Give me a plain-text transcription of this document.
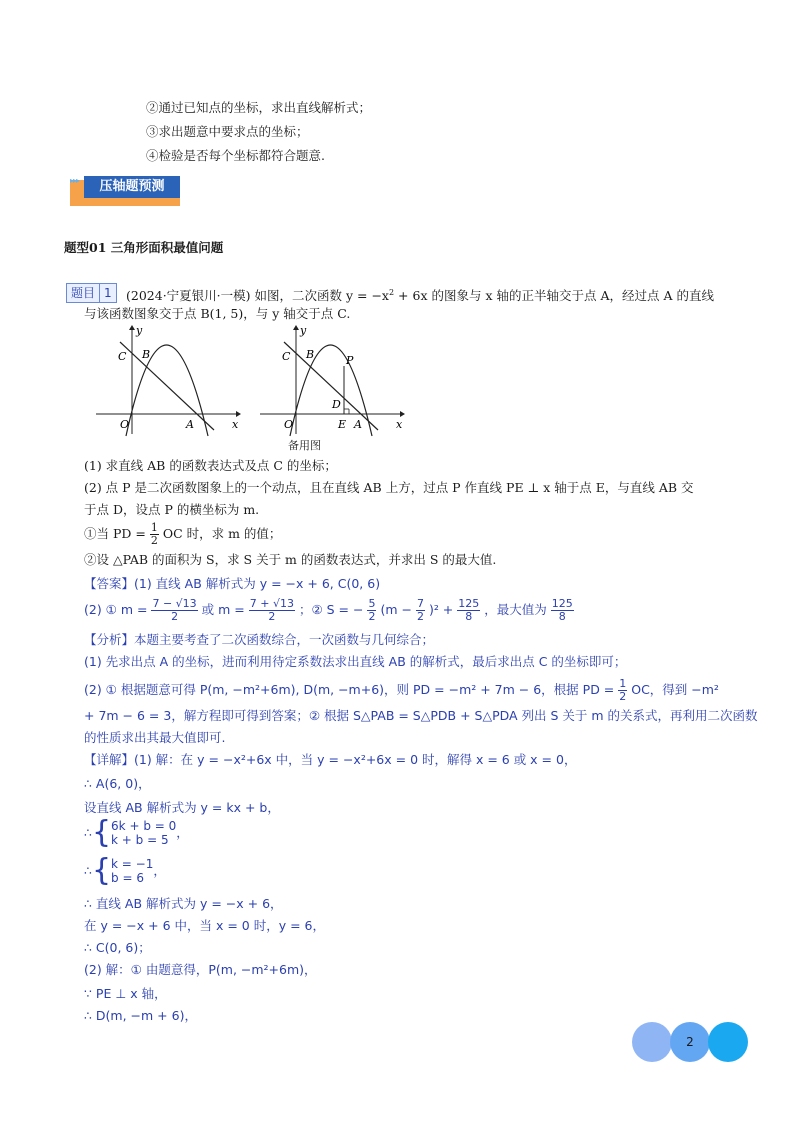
②通过已知点的坐标，求出直线解析式；
③求出题意中要求点的坐标；
④检验是否每个坐标都符合题意.
▸▸▸	压轴题预测
题型01 三角形面积最值问题
题目 1	(2024·宁夏银川·一模) 如图，二次函数 $y = -x^2 + 6x$ 的图象与 x 轴的正半轴交于点 A，经过点 A 的直线
与该函数图象交于点 B(1, 5)，与 y 轴交于点 C.
y
x
C B
O	A
y
x
C B	P
D
E
O	A
备用图
(1) 求直线 AB 的函数表达式及点 C 的坐标；
(2) 点 P 是二次函数图象上的一个动点，且在直线 AB 上方，过点 P 作直线 PE ⊥ x 轴于点 E，与直线 AB 交
于点 D，设点 P 的横坐标为 m.
①当 PD = $\frac{1}{2}$ OC 时，求 m 的值；
②设 △PAB 的面积为 S，求 S 关于 m 的函数表达式，并求出 S 的最大值.
【答案】(1) 直线 AB 解析式为 y = −x + 6, C(0, 6)
(2) ① $m = \frac{7 - √13}{2}$ 或 $m = \frac{7 + √13}{2}$ ；② S = − $\frac{5}{2} (m - \frac{7}{2} )^2 + \frac{125}{8}$ ，最大值为 $\frac{125}{8}$
【分析】本题主要考查了二次函数综合，一次函数与几何综合；
(1) 先求出点 A 的坐标，进而利用待定系数法求出直线 AB 的解析式，最后求出点 C 的坐标即可；
(2) ① 根据题意可得 P(m, −m²+6m), D(m, −m+6)，则 PD = −m² + 7m − 6，根据 PD = $\frac{1}{2}$ OC，得到 −m²
+ 7m − 6 = 3，解方程即可得到答案；② 根据 S△PAB = S△PDB + S△PDA 列出 S 关于 m 的关系式，再利用二次函数
的性质求出其最大值即可.
【详解】(1) 解：在 y = −x²+6x 中，当 y = −x²+6x = 0 时，解得 x = 6 或 x = 0，
∴ A(6, 0)，
设直线 AB 解析式为 y = kx + b，
∴ { 6k + b = 0
k + b = 5 ，
∴ { k = −1
b = 6 ，
∴ 直线 AB 解析式为 y = −x + 6，
在 y = −x + 6 中，当 x = 0 时，y = 6，
∴ C(0, 6)；
(2) 解：① 由题意得，P(m, −m²+6m)，
∵ PE ⊥ x 轴，
∴ D(m, −m + 6)，
2
